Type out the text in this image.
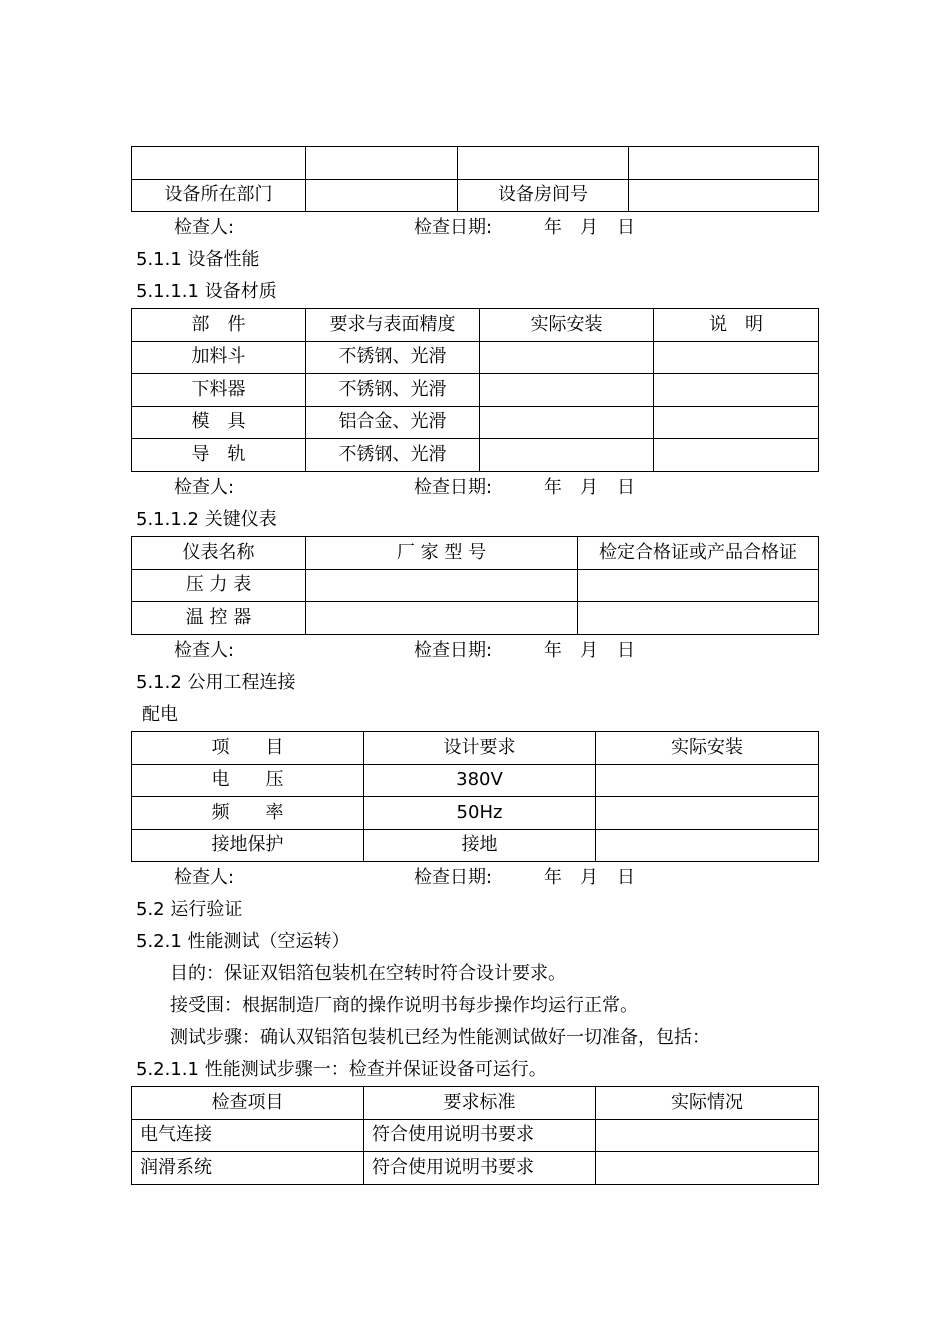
设备所在部门		设备房间号	
检查人:	检查日期:	年 月 日
5.1.1 设备性能
5.1.1.1 设备材质
部　件	要求与表面精度	实际安装	说　明
加料斗	不锈钢、光滑		
下料器	不锈钢、光滑		
模　具	铝合金、光滑		
导　轨	不锈钢、光滑		
检查人:	检查日期:	年 月 日
5.1.1.2 关键仪表
仪表名称	厂 家 型 号	检定合格证或产品合格证
压 力 表		
温 控 器		
检查人:	检查日期:	年 月 日
5.1.2 公用工程连接
配电
项　　目	设计要求	实际安装
电　　压	380V	
频　　率	50Hz	
接地保护	接地	
检查人:	检查日期:	年 月 日
5.2 运行验证
5.2.1 性能测试（空运转）
目的：保证双铝箔包装机在空转时符合设计要求。
接受围：根据制造厂商的操作说明书每步操作均运行正常。
测试步骤：确认双铝箔包装机已经为性能测试做好一切准备，包括：
5.2.1.1 性能测试步骤一：检查并保证设备可运行。
检查项目	要求标准	实际情况
电气连接	符合使用说明书要求	
润滑系统	符合使用说明书要求	
